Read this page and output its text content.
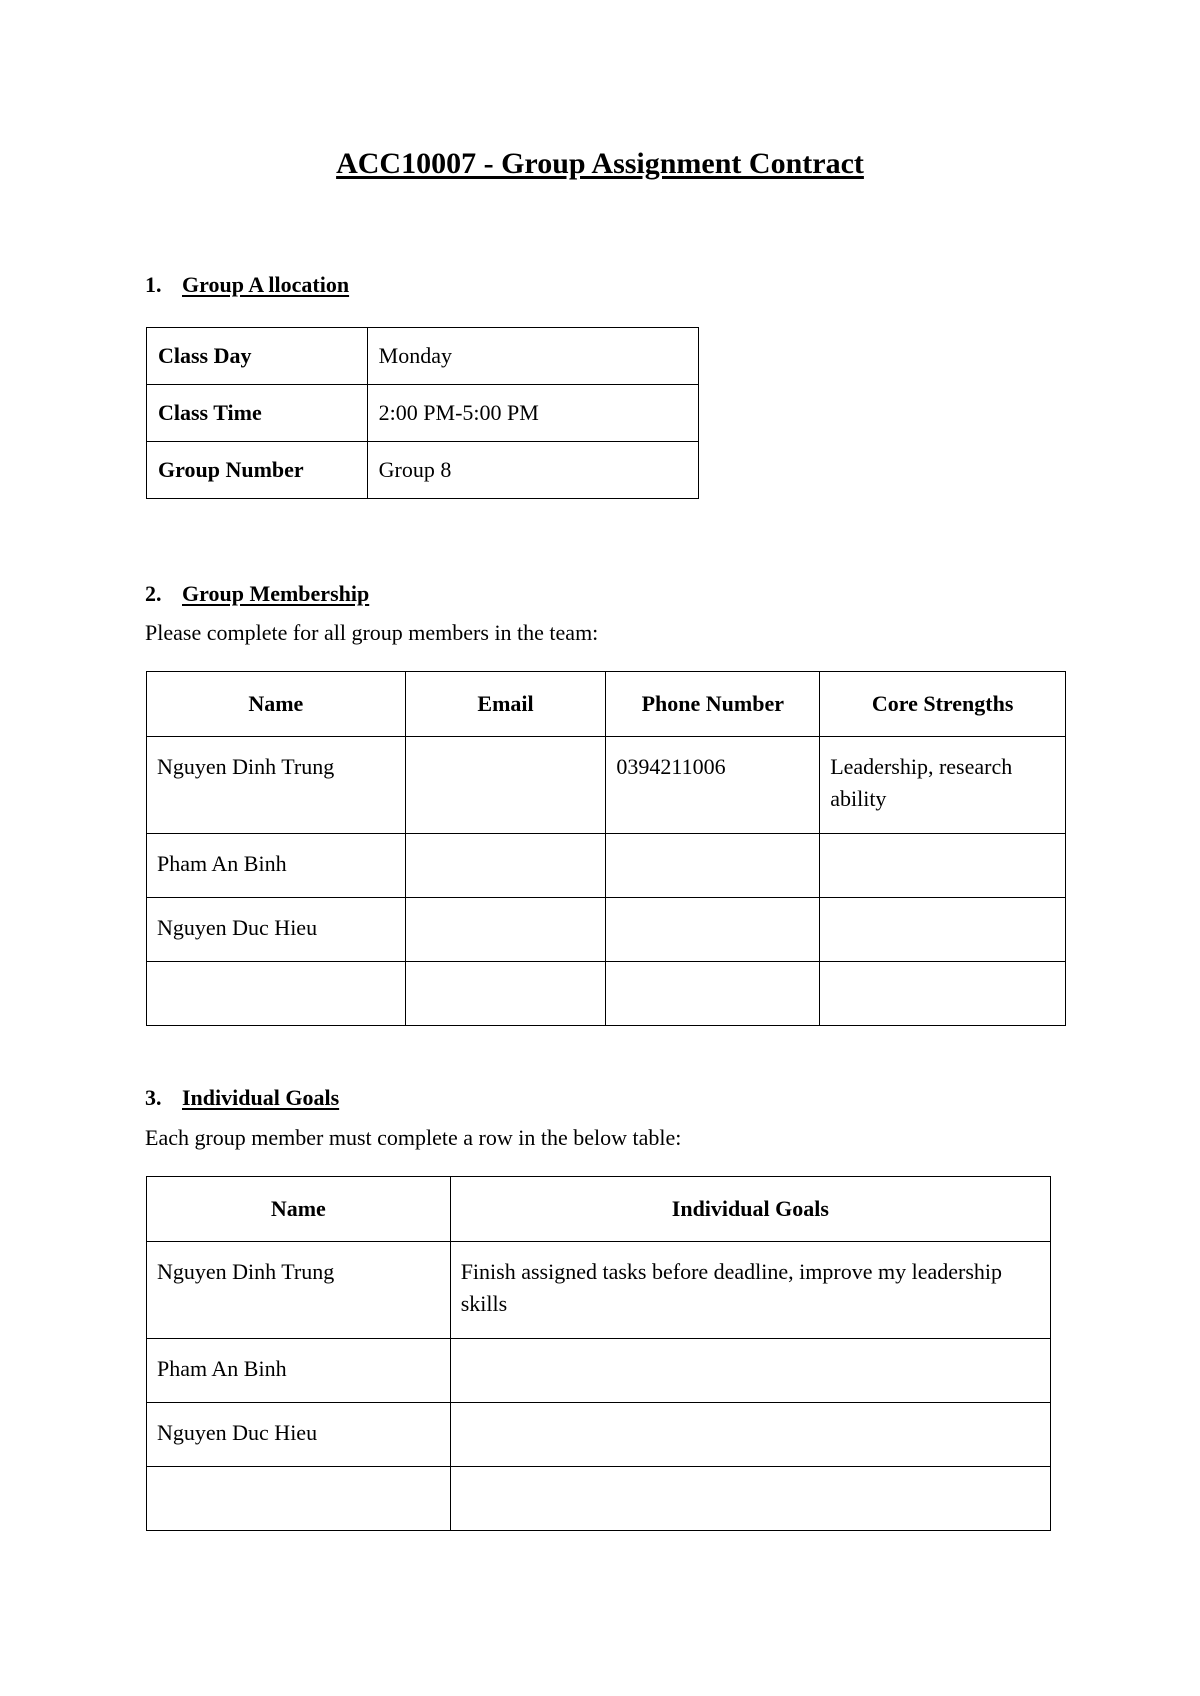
ACC10007 - Group Assignment Contract
1. Group A llocation
Class Day	Monday
Class Time	2:00 PM-5:00 PM
Group Number	Group 8
2. Group Membership
Please complete for all group members in the team:
Name	Email	Phone Number	Core Strengths
Nguyen Dinh Trung		0394211006	Leadership, research ability
Pham An Binh			
Nguyen Duc Hieu			

3. Individual Goals
Each group member must complete a row in the below table:
Name	Individual Goals
Nguyen Dinh Trung	Finish assigned tasks before deadline, improve my leadership skills
Pham An Binh	
Nguyen Duc Hieu	
